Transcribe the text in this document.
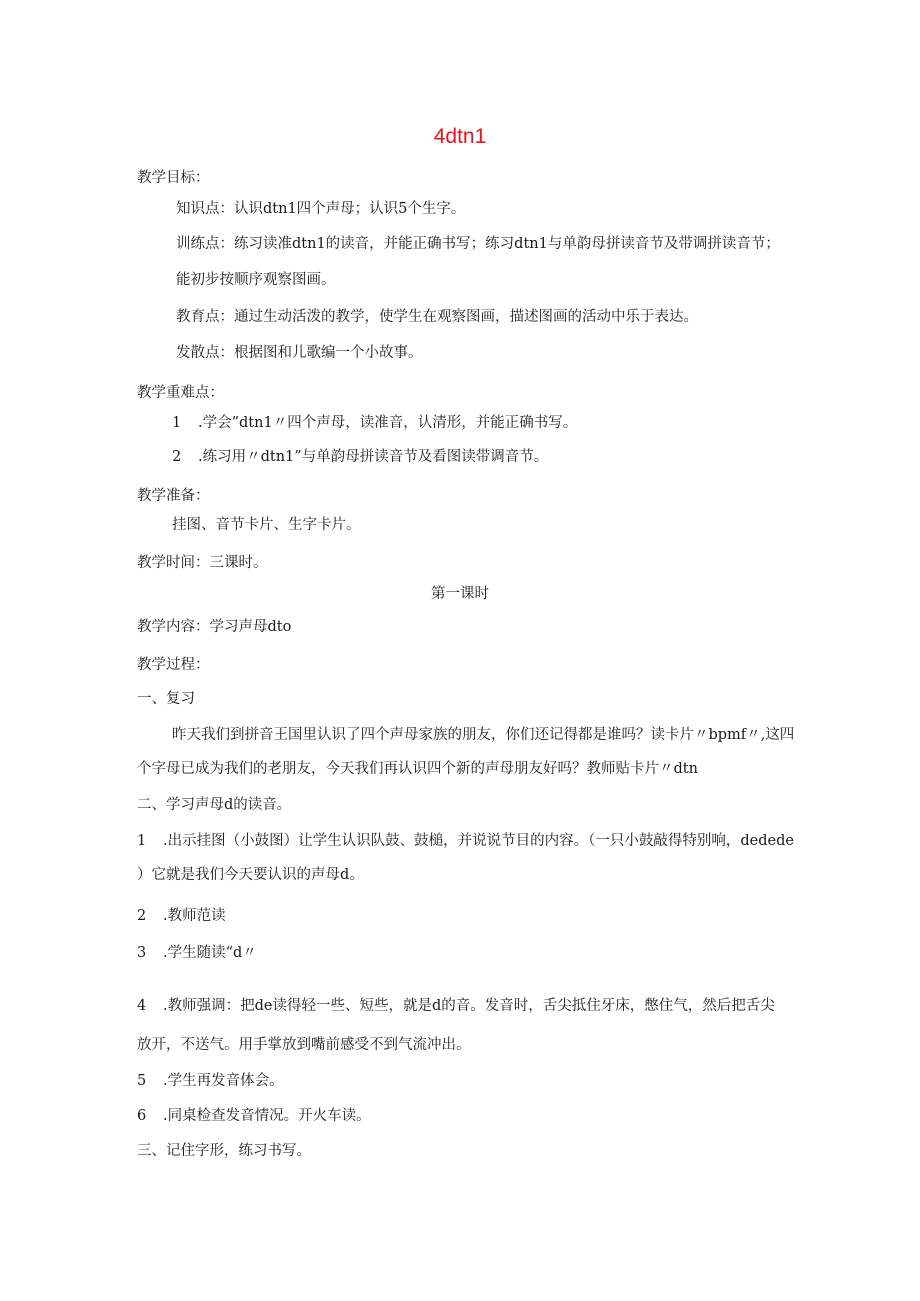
4dtn1
教学目标：
知识点：认识dtn1四个声母；认识5个生字。
训练点：练习读准dtn1的读音，并能正确书写；练习dtn1与单韵母拼读音节及带调拼读音节；
能初步按顺序观察图画。
教育点：通过生动活泼的教学，使学生在观察图画，描述图画的活动中乐于表达。
发散点：根据图和儿歌编一个小故事。
教学重难点：
1 .学会”dtn1〃四个声母，读准音，认清形，并能正确书写。
2 .练习用〃dtn1”与单韵母拼读音节及看图读带调音节。
教学准备：
挂图、音节卡片、生字卡片。
教学时间：三课时。
第一课时
教学内容：学习声母dto
教学过程：
一、复习
昨天我们到拼音王国里认识了四个声母家族的朋友，你们还记得都是谁吗？读卡片〃bpmf〃,这四
个字母已成为我们的老朋友，今天我们再认识四个新的声母朋友好吗？教师贴卡片〃dtn
二、学习声母d的读音。
1 .出示挂图（小鼓图）让学生认识队鼓、鼓槌，并说说节目的内容。（一只小鼓敲得特别响，dedede
）它就是我们今天要认识的声母d。
2 .教师范读
3 .学生随读“d〃
4 .教师强调：把de读得轻一些、短些，就是d的音。发音时，舌尖抵住牙床，憋住气，然后把舌尖
放开，不送气。用手掌放到嘴前感受不到气流冲出。
5 .学生再发音体会。
6 .同桌检查发音情况。开火车读。
三、记住字形，练习书写。
